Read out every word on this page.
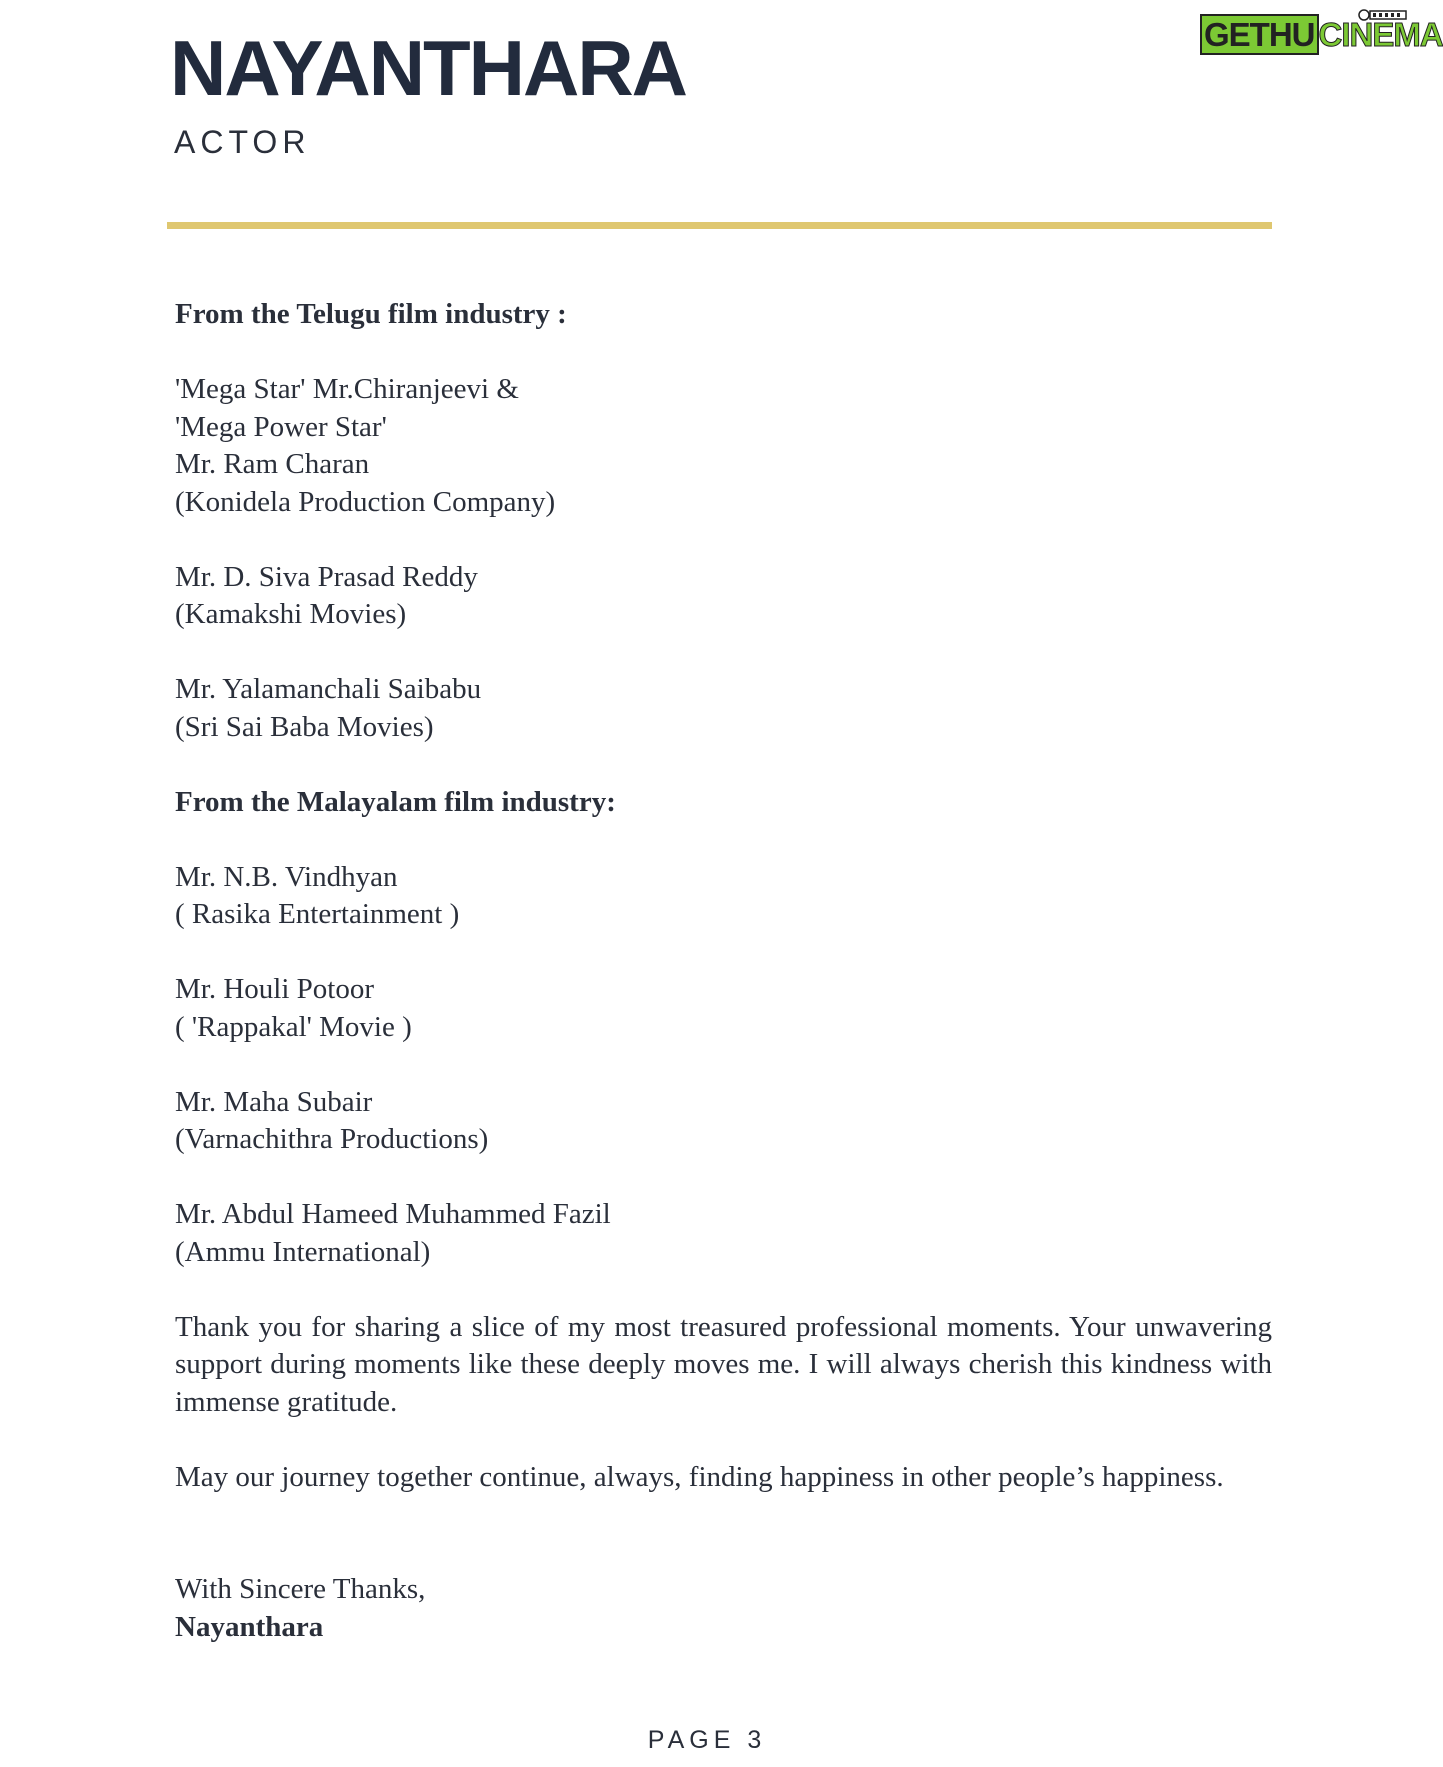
NAYANTHARA
ACTOR
GETHU CINEMA
From the Telugu film industry :
'Mega Star' Mr.Chiranjeevi &
'Mega Power Star'
Mr. Ram Charan
(Konidela Production Company)
Mr. D. Siva Prasad Reddy
(Kamakshi Movies)
Mr. Yalamanchali Saibabu
(Sri Sai Baba Movies)
From the Malayalam film industry:
Mr. N.B. Vindhyan
( Rasika Entertainment )
Mr. Houli Potoor
( 'Rappakal' Movie )
Mr. Maha Subair
(Varnachithra Productions)
Mr. Abdul Hameed Muhammed Fazil
(Ammu International)

Thank you for sharing a slice of my most treasured professional moments. Your unwavering support during moments like these deeply moves me. I will always cherish this kindness with immense gratitude.

May our journey together continue, always, finding happiness in other people’s happiness.

With Sincere Thanks,
Nayanthara
PAGE 3
